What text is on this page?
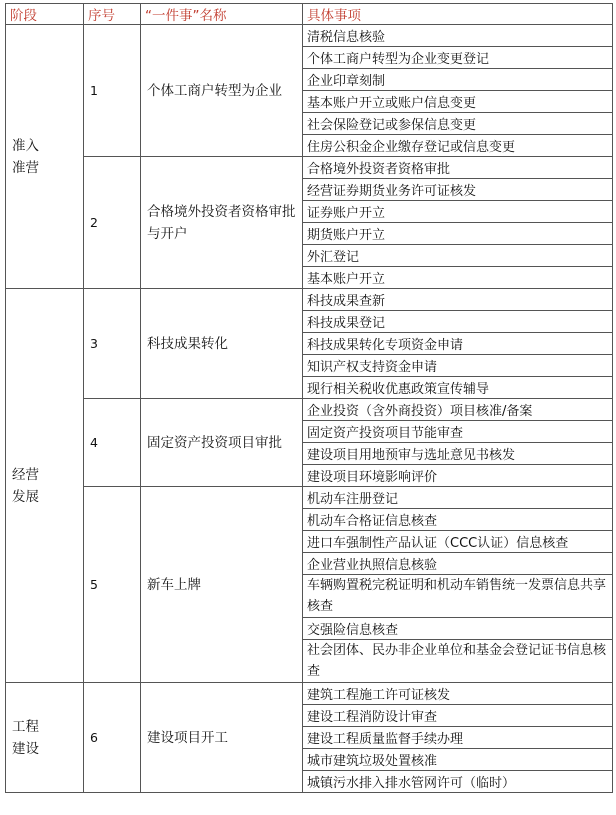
阶段	序号	“一件事”名称	具体事项

准入准营	1	个体工商户转型为企业	清税信息核验
			个体工商户转型为企业变更登记
			企业印章刻制
			基本账户开立或账户信息变更
			社会保险登记或参保信息变更
			住房公积金企业缴存登记或信息变更
	2	合格境外投资者资格审批与开户	合格境外投资者资格审批
			经营证券期货业务许可证核发
			证券账户开立
			期货账户开立
			外汇登记
			基本账户开立

经营发展	3	科技成果转化	科技成果查新
			科技成果登记
			科技成果转化专项资金申请
			知识产权支持资金申请
			现行相关税收优惠政策宣传辅导
	4	固定资产投资项目审批	企业投资（含外商投资）项目核准/备案
			固定资产投资项目节能审查
			建设项目用地预审与选址意见书核发
			建设项目环境影响评价
	5	新车上牌	机动车注册登记
			机动车合格证信息核查
			进口车强制性产品认证（CCC认证）信息核查
			企业营业执照信息核验
			车辆购置税完税证明和机动车销售统一发票信息共享核查
			交强险信息核查
			社会团体、民办非企业单位和基金会登记证书信息核查

工程建设	6	建设项目开工	建筑工程施工许可证核发
			建设工程消防设计审查
			建设工程质量监督手续办理
			城市建筑垃圾处置核准
			城镇污水排入排水管网许可（临时）
